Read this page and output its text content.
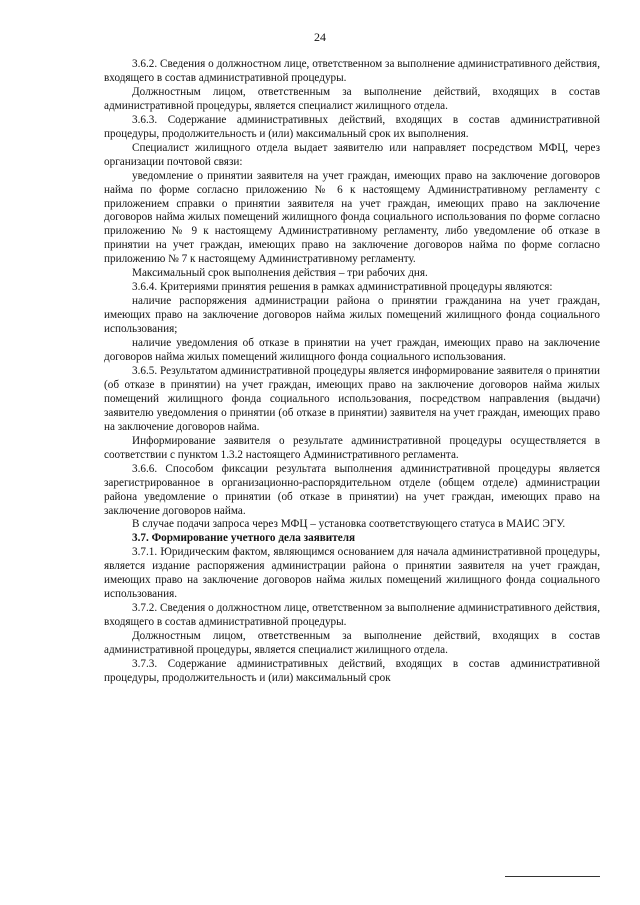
24

3.6.2. Сведения о должностном лице, ответственном за выполнение административного действия, входящего в состав административной процедуры.

Должностным лицом, ответственным за выполнение действий, входящих в состав административной процедуры, является специалист жилищного отдела.

3.6.3. Содержание административных действий, входящих в состав административной процедуры, продолжительность и (или) максимальный срок их выполнения.

Специалист жилищного отдела выдает заявителю или направляет посредством МФЦ, через организации почтовой связи:

уведомление о принятии заявителя на учет граждан, имеющих право на заключение договоров найма по форме согласно приложению № 6 к настоящему Административному регламенту с приложением справки о принятии заявителя на учет граждан, имеющих право на заключение договоров найма жилых помещений жилищного фонда социального использования по форме согласно приложению № 9 к настоящему Административному регламенту, либо уведомление об отказе в принятии на учет граждан, имеющих право на заключение договоров найма по форме согласно приложению № 7 к настоящему Административному регламенту.

Максимальный срок выполнения действия – три рабочих дня.

3.6.4. Критериями принятия решения в рамках административной процедуры являются:

наличие распоряжения администрации района о принятии гражданина на учет граждан, имеющих право на заключение договоров найма жилых помещений жилищного фонда социального использования;

наличие уведомления об отказе в принятии на учет граждан, имеющих право на заключение договоров найма жилых помещений жилищного фонда социального использования.

3.6.5. Результатом административной процедуры является информирование заявителя о принятии (об отказе в принятии) на учет граждан, имеющих право на заключение договоров найма жилых помещений жилищного фонда социального использования, посредством направления (выдачи) заявителю уведомления о принятии (об отказе в принятии) заявителя на учет граждан, имеющих право на заключение договоров найма.

Информирование заявителя о результате административной процедуры осуществляется в соответствии с пунктом 1.3.2 настоящего Административного регламента.

3.6.6. Способом фиксации результата выполнения административной процедуры является зарегистрированное в организационно-распорядительном отделе (общем отделе) администрации района уведомление о принятии (об отказе в принятии) на учет граждан, имеющих право на заключение договоров найма.

В случае подачи запроса через МФЦ – установка соответствующего статуса в МАИС ЭГУ.

3.7. Формирование учетного дела заявителя

3.7.1. Юридическим фактом, являющимся основанием для начала административной процедуры, является издание распоряжения администрации района о принятии заявителя на учет граждан, имеющих право на заключение договоров найма жилых помещений жилищного фонда социального использования.

3.7.2. Сведения о должностном лице, ответственном за выполнение административного действия, входящего в состав административной процедуры.

Должностным лицом, ответственным за выполнение действий, входящих в состав административной процедуры, является специалист жилищного отдела.

3.7.3. Содержание административных действий, входящих в состав административной процедуры, продолжительность и (или) максимальный срок
